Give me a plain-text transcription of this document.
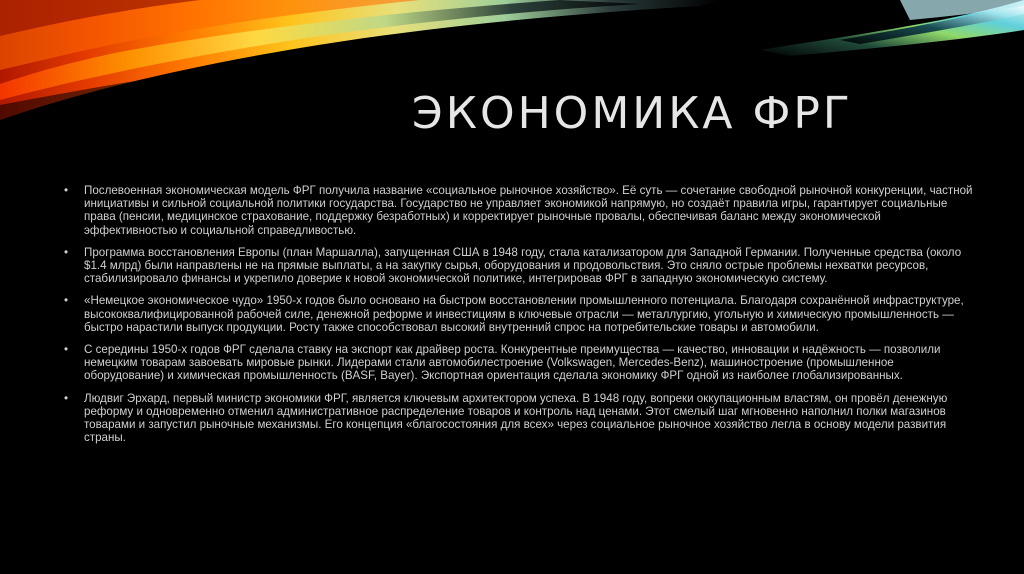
ЭКОНОМИКА ФРГ
• Послевоенная экономическая модель ФРГ получила название «социальное рыночное хозяйство». Её суть — сочетание свободной рыночной конкуренции, частной инициативы и сильной социальной политики государства. Государство не управляет экономикой напрямую, но создаёт правила игры, гарантирует социальные права (пенсии, медицинское страхование, поддержку безработных) и корректирует рыночные провалы, обеспечивая баланс между экономической эффективностью и социальной справедливостью.
• Программа восстановления Европы (план Маршалла), запущенная США в 1948 году, стала катализатором для Западной Германии. Полученные средства (около $1.4 млрд) были направлены не на прямые выплаты, а на закупку сырья, оборудования и продовольствия. Это сняло острые проблемы нехватки ресурсов, стабилизировало финансы и укрепило доверие к новой экономической политике, интегрировав ФРГ в западную экономическую систему.
• «Немецкое экономическое чудо» 1950-х годов было основано на быстром восстановлении промышленного потенциала. Благодаря сохранённой инфраструктуре, высококвалифицированной рабочей силе, денежной реформе и инвестициям в ключевые отрасли — металлургию, угольную и химическую промышленность — быстро нарастили выпуск продукции. Росту также способствовал высокий внутренний спрос на потребительские товары и автомобили.
• С середины 1950-х годов ФРГ сделала ставку на экспорт как драйвер роста. Конкурентные преимущества — качество, инновации и надёжность — позволили немецким товарам завоевать мировые рынки. Лидерами стали автомобилестроение (Volkswagen, Mercedes-Benz), машиностроение (промышленное оборудование) и химическая промышленность (BASF, Bayer). Экспортная ориентация сделала экономику ФРГ одной из наиболее глобализированных.
• Людвиг Эрхард, первый министр экономики ФРГ, является ключевым архитектором успеха. В 1948 году, вопреки оккупационным властям, он провёл денежную реформу и одновременно отменил административное распределение товаров и контроль над ценами. Этот смелый шаг мгновенно наполнил полки магазинов товарами и запустил рыночные механизмы. Его концепция «благосостояния для всех» через социальное рыночное хозяйство легла в основу модели развития страны.
